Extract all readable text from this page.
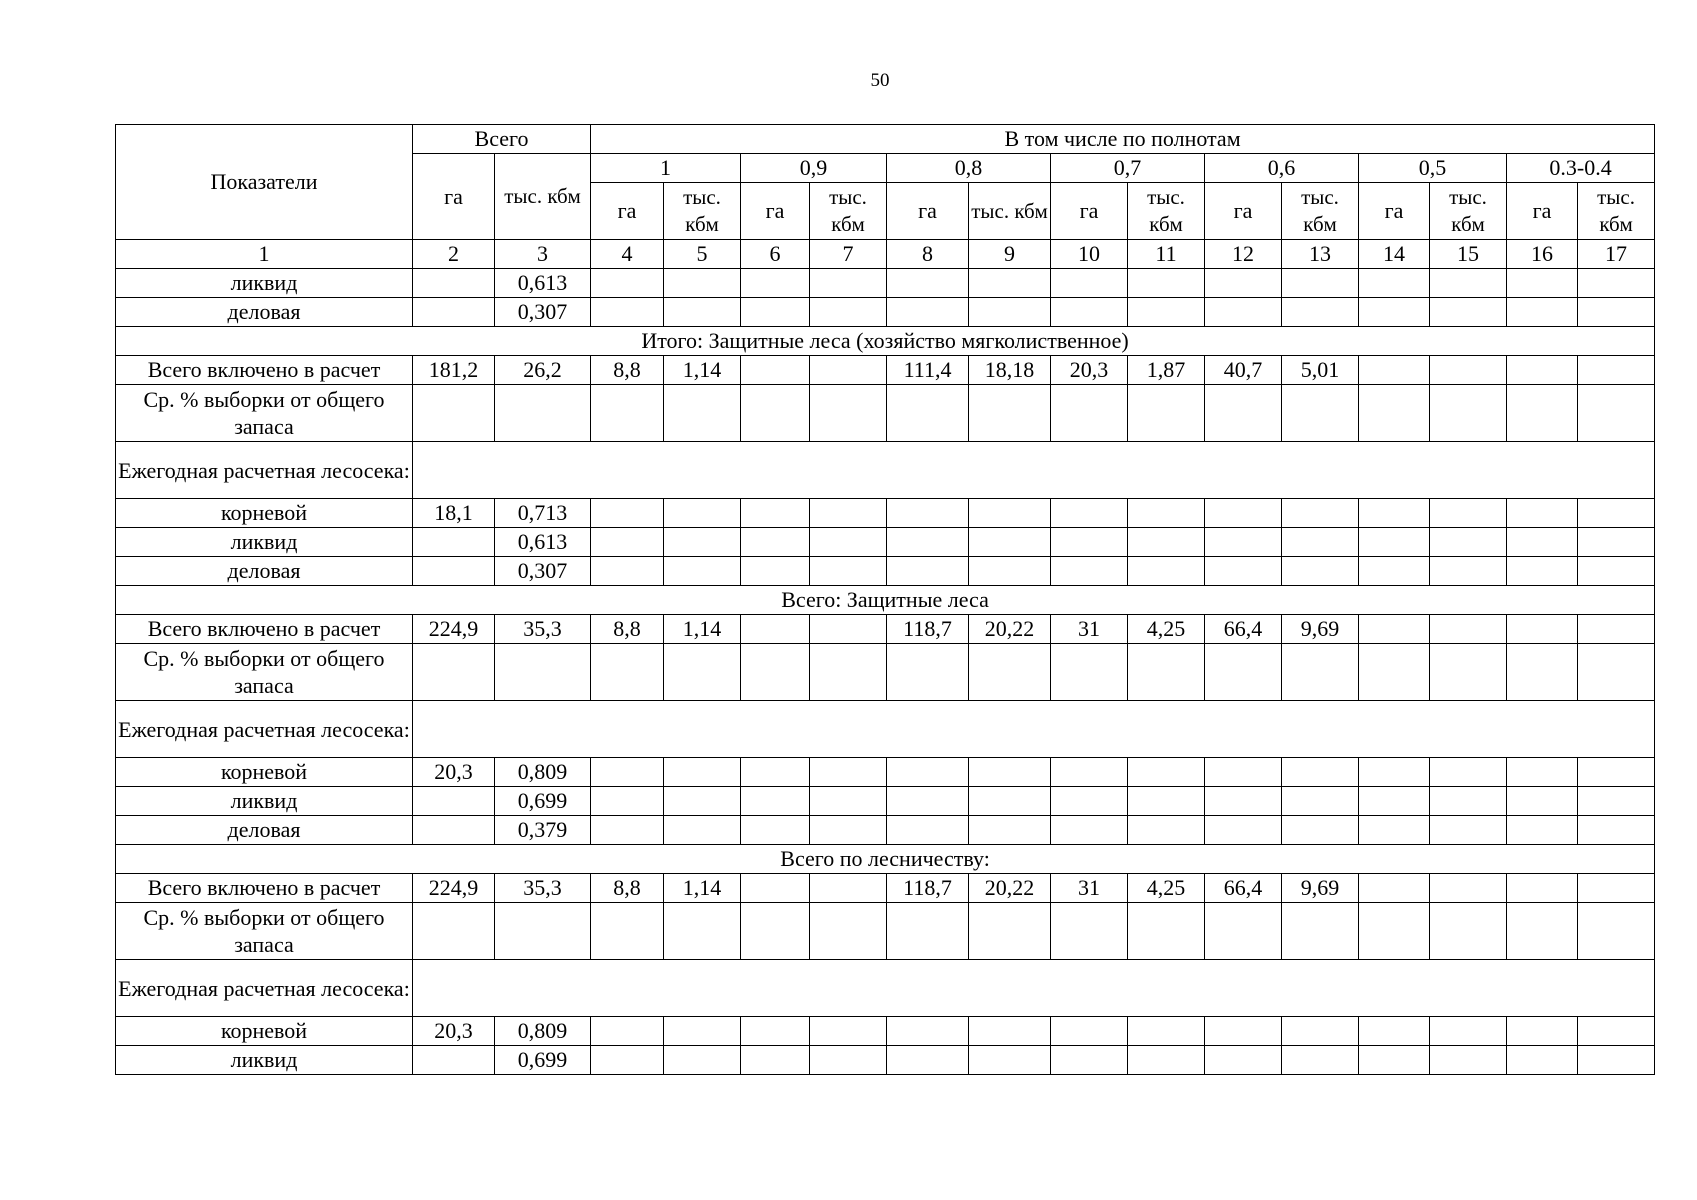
50
Показатели	Всего		В том числе по полнотам													
	га	тыс. кбм	1		0,9		0,8		0,7		0,6		0,5		0.3-0.4	
			га	тыс. кбм	га	тыс. кбм	га	тыс. кбм	га	тыс. кбм	га	тыс. кбм	га	тыс. кбм	га	тыс. кбм
1	2	3	4	5	6	7	8	9	10	11	12	13	14	15	16	17
ликвид		0,613														
деловая		0,307														
Итого: Защитные леса (хозяйство мягколиственное)																
Всего включено в расчет	181,2	26,2	8,8	1,14			111,4	18,18	20,3	1,87	40,7	5,01				
Ср. % выборки от общего запаса																
Ежегодная расчетная лесосека:																
корневой	18,1	0,713														
ликвид		0,613														
деловая		0,307														
Всего: Защитные леса																
Всего включено в расчет	224,9	35,3	8,8	1,14			118,7	20,22	31	4,25	66,4	9,69				
Ср. % выборки от общего запаса																
Ежегодная расчетная лесосека:																
корневой	20,3	0,809														
ликвид		0,699														
деловая		0,379														
Всего по лесничеству:																
Всего включено в расчет	224,9	35,3	8,8	1,14			118,7	20,22	31	4,25	66,4	9,69				
Ср. % выборки от общего запаса																
Ежегодная расчетная лесосека:																
корневой	20,3	0,809														
ликвид		0,699														
